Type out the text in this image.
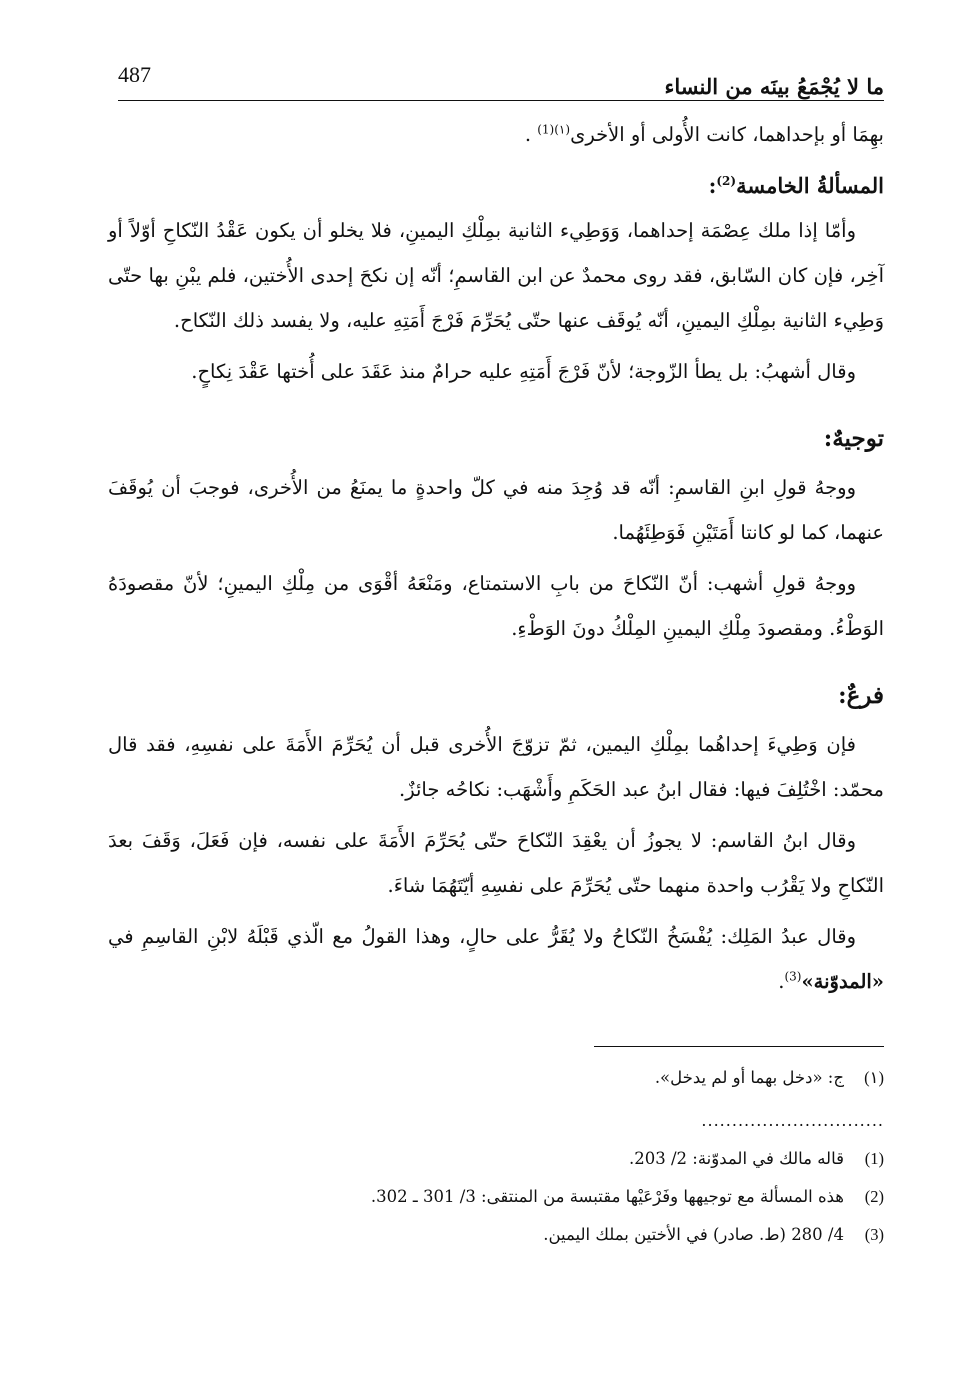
ما لا يُجْمَعُ بينَه من النساء
487

بهِمَا أو بإحداهما، كانت الأُولى أو الأخرى$^{(١)(1)}$ .

المسألةُ الخامسة$^{(2)}$:

وأمّا إذا ملك عِصْمَة إحداهما، وَوَطِيء الثانية بمِلْكِ اليمينِ، فلا يخلو أن يكون عَقْدُ النّكاحِ أوّلاً أو آخِر، فإن كان السّابق، فقد روى محمدٌ عن ابن القاسمِ؛ أنّه إن نكحَ إحدى الأُختين، فلم يبْنِ بها حتّى وَطِيء الثانية بمِلْكِ اليمينِ، أنّه يُوقَف عنها حتّى يُحَرِّمَ فَرْجَ أَمَتِهِ عليه، ولا يفسد ذلك النّكاح.

وقال أشهبُ: بل يطأ الزّوجة؛ لأنّ فَرْجَ أَمَتِهِ عليه حرامٌ منذ عَقَدَ على أُختها عَقْدَ نِكاحٍ.

توجيهٌ:

ووجهُ قولِ ابنِ القاسمِ: أنّه قد وُجِدَ منه في كلّ واحدةٍ ما يمنَعُ من الأُخرى، فوجبَ أن يُوقَفَ عنهما، كما لو كانتا أَمَتَيْنِ فَوَطِئَهُما.

ووجهُ قولِ أشهب: أنّ النّكاحَ من بابِ الاستمتاع، ومَنْعَهُ أقْوَى من مِلْكِ اليمينِ؛ لأنّ مقصودَهُ الوَطْءُ. ومقصودَ مِلْكِ اليمينِ المِلْكُ دونَ الوَطْءِ.

فرعٌ:

فإن وَطِيءَ إحداهُما بمِلْكِ اليمين، ثمّ تزوّجَ الأُخرى قبل أن يُحَرِّمَ الأَمَةَ على نفسِهِ، فقد قال محمّد: اخْتُلِفَ فيها: فقال ابنُ عبد الحَكَمِ وأَشْهَب: نكاحُه جائزٌ.

وقال ابنُ القاسم: لا يجوزُ أن يعْقِدَ النّكاحَ حتّى يُحَرِّمَ الأَمَةَ على نفسه، فإن فَعَلَ، وَقَفَ بعدَ النّكاحِ ولا يَقْرُب واحدة منهما حتّى يُحَرِّمَ على نفسِهِ أيّتَهُمَا شاءَ.

وقال عبدُ المَلِك: يُفْسَخُ النّكاحُ ولا يُقَرُّ على حالٍ، وهذا القولُ مع الّذي قَبْلَهُ لابْنِ القاسِمِ في «المدوّنة»$^{(3)}$.

(١)
ج: «دخل بهما أو لم يدخل».
..............................
(1)
قاله مالك في المدوّنة: 2/ 203.
(2)
هذه المسألة مع توجيهها وفَرْعَيْها مقتبسة من المنتقى: 3/ 301 ـ 302.
(3)
4/ 280 (ط. صادر) في الأختين بملك اليمين.
